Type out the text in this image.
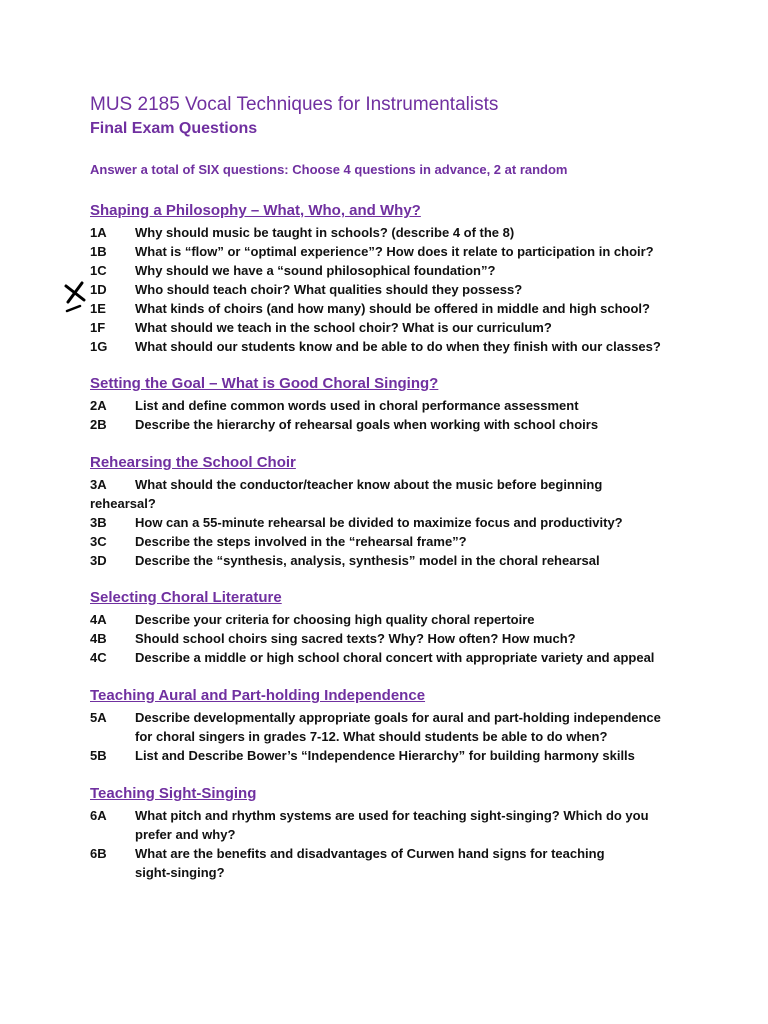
MUS 2185 Vocal Techniques for Instrumentalists
Final Exam Questions
Answer a total of SIX questions: Choose 4 questions in advance, 2 at random
Shaping a Philosophy – What, Who, and Why?
1A	Why should music be taught in schools? (describe 4 of the 8)
1B	What is “flow” or “optimal experience”? How does it relate to participation in choir?
1C	Why should we have a “sound philosophical foundation”?
1D	Who should teach choir? What qualities should they possess?
1E	What kinds of choirs (and how many) should be offered in middle and high school?
1F	What should we teach in the school choir? What is our curriculum?
1G	What should our students know and be able to do when they finish with our classes?
Setting the Goal – What is Good Choral Singing?
2A	List and define common words used in choral performance assessment
2B	Describe the hierarchy of rehearsal goals when working with school choirs
Rehearsing the School Choir
3A	What should the conductor/teacher know about the music before beginning
rehearsal?
3B	How can a 55-minute rehearsal be divided to maximize focus and productivity?
3C	Describe the steps involved in the “rehearsal frame”?
3D	Describe the “synthesis, analysis, synthesis” model in the choral rehearsal
Selecting Choral Literature
4A	Describe your criteria for choosing high quality choral repertoire
4B	Should school choirs sing sacred texts? Why? How often? How much?
4C	Describe a middle or high school choral concert with appropriate variety and appeal
Teaching Aural and Part-holding Independence
5A	Describe developmentally appropriate goals for aural and part-holding independence
for choral singers in grades 7-12. What should students be able to do when?
5B	List and Describe Bower’s “Independence Hierarchy” for building harmony skills
Teaching Sight-Singing
6A	What pitch and rhythm systems are used for teaching sight-singing? Which do you
prefer and why?
6B	What are the benefits and disadvantages of Curwen hand signs for teaching
sight-singing?
